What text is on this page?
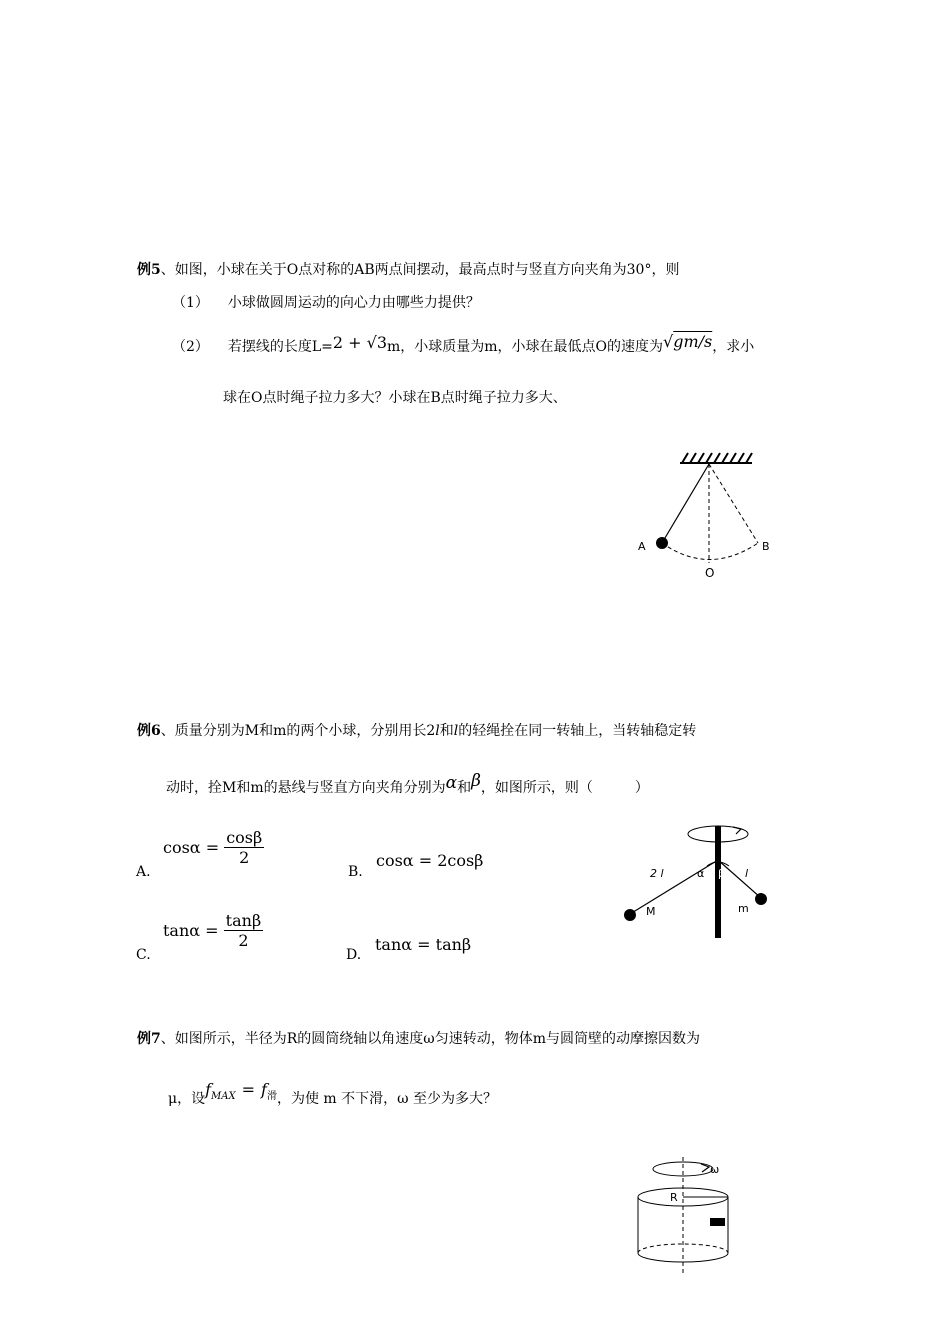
例5、如图，小球在关于O点对称的AB两点间摆动，最高点时与竖直方向夹角为30°，则
（1） 小球做圆周运动的向心力由哪些力提供？
（2） 若摆线的长度L=2 + √3m，小球质量为m，小球在最低点O的速度为√gm/s，求小
球在O点时绳子拉力多大？小球在B点时绳子拉力多大、
A	B
O
例6、质量分别为M和m的两个小球，分别用长2l和l的轻绳拴在同一转轴上，当转轴稳定转
动时，拴M和m的悬线与竖直方向夹角分别为α和β，如图所示，则（　　　）
A.
$\cos\alpha = \frac{\cos\beta}{2}$
B.
cosα = 2cosβ
C.
$\tan\alpha = \frac{\tan\beta}{2}$
D.
tanα = tanβ
2 l	l
α β
M	m
例7、如图所示，半径为R的圆筒绕轴以角速度ω匀速转动，物体m与圆筒壁的动摩擦因数为
μ，设$f_{MAX} = f_滑$，为使 m 不下滑，ω 至少为多大？
ω
R
